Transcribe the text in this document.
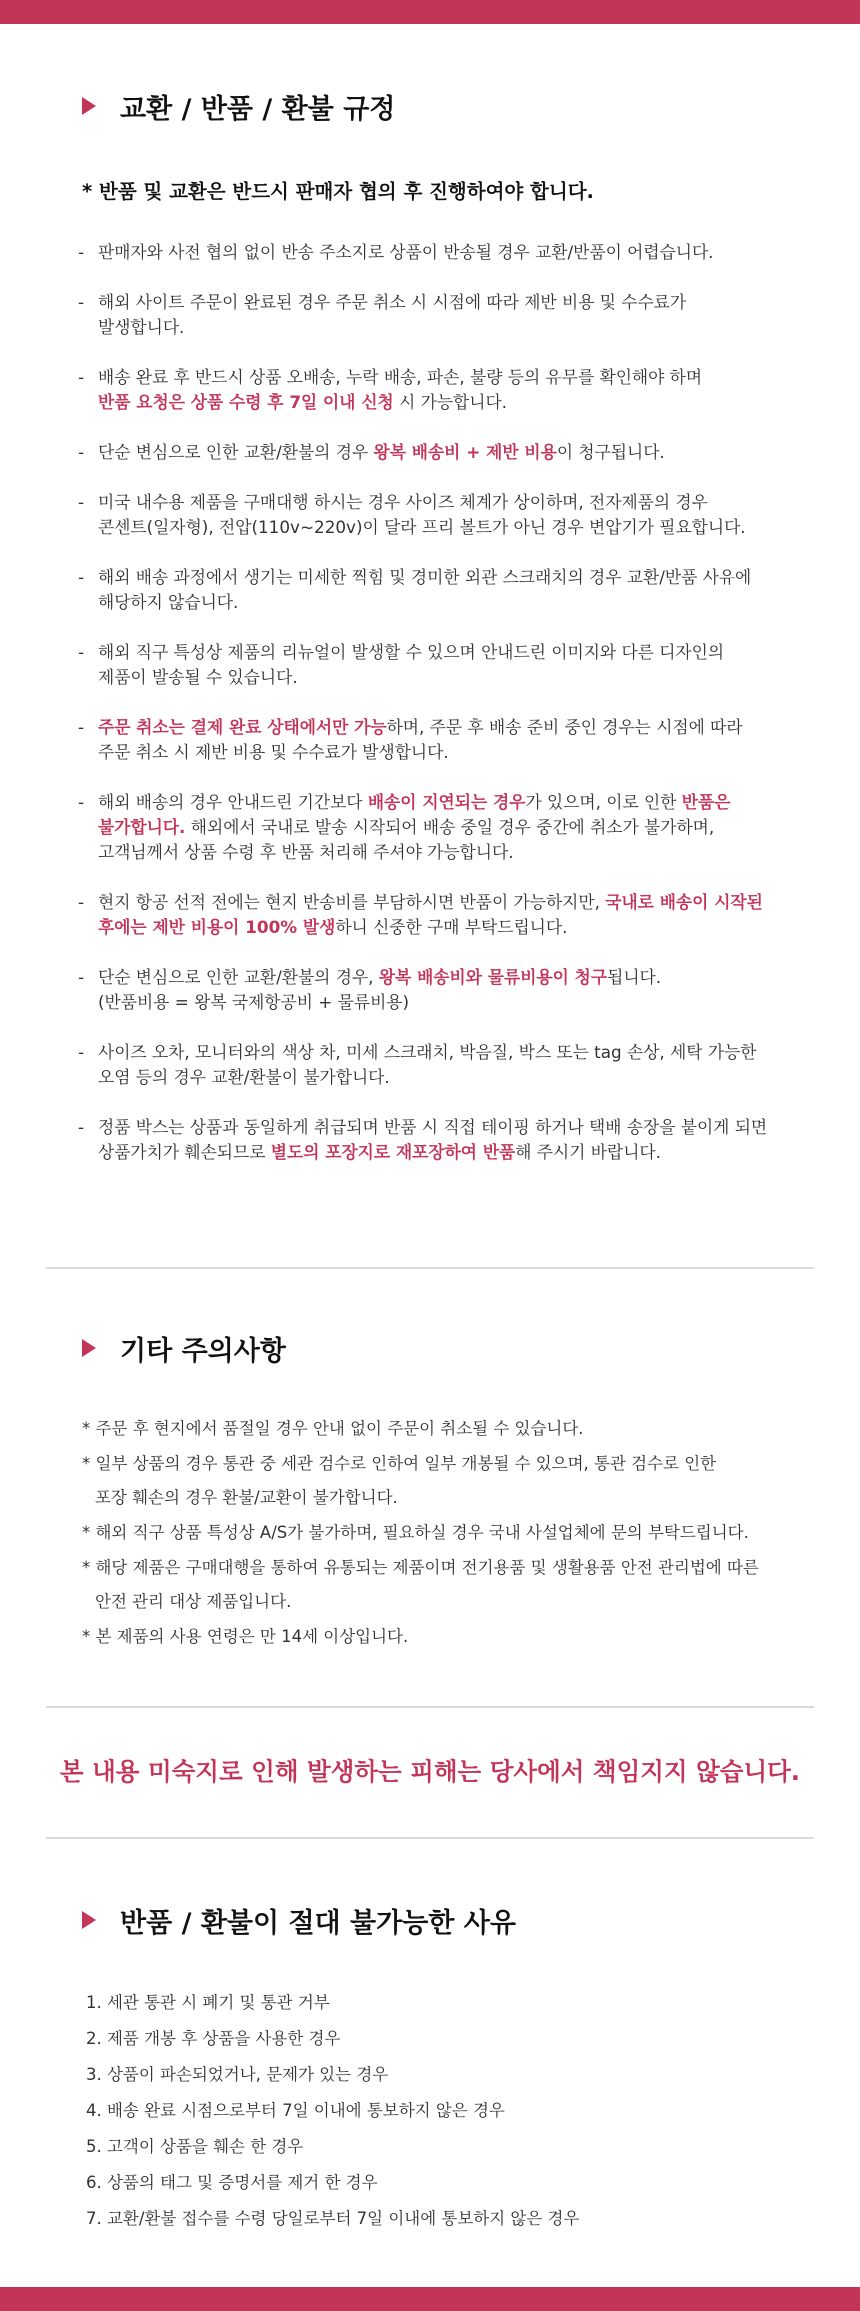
교환 / 반품 / 환불 규정
* 반품 및 교환은 반드시 판매자 협의 후 진행하여야 합니다.
- 판매자와 사전 협의 없이 반송 주소지로 상품이 반송될 경우 교환/반품이 어렵습니다.
- 해외 사이트 주문이 완료된 경우 주문 취소 시 시점에 따라 제반 비용 및 수수료가
발생합니다.
- 배송 완료 후 반드시 상품 오배송, 누락 배송, 파손, 불량 등의 유무를 확인해야 하며
반품 요청은 상품 수령 후 7일 이내 신청 시 가능합니다.
- 단순 변심으로 인한 교환/환불의 경우 왕복 배송비 + 제반 비용이 청구됩니다.
- 미국 내수용 제품을 구매대행 하시는 경우 사이즈 체계가 상이하며, 전자제품의 경우
콘센트(일자형), 전압(110v~220v)이 달라 프리 볼트가 아닌 경우 변압기가 필요합니다.
- 해외 배송 과정에서 생기는 미세한 찍힘 및 경미한 외관 스크래치의 경우 교환/반품 사유에
해당하지 않습니다.
- 해외 직구 특성상 제품의 리뉴얼이 발생할 수 있으며 안내드린 이미지와 다른 디자인의
제품이 발송될 수 있습니다.
- 주문 취소는 결제 완료 상태에서만 가능하며, 주문 후 배송 준비 중인 경우는 시점에 따라
주문 취소 시 제반 비용 및 수수료가 발생합니다.
- 해외 배송의 경우 안내드린 기간보다 배송이 지연되는 경우가 있으며, 이로 인한 반품은
불가합니다. 해외에서 국내로 발송 시작되어 배송 중일 경우 중간에 취소가 불가하며,
고객님께서 상품 수령 후 반품 처리해 주셔야 가능합니다.
- 현지 항공 선적 전에는 현지 반송비를 부담하시면 반품이 가능하지만, 국내로 배송이 시작된
후에는 제반 비용이 100% 발생하니 신중한 구매 부탁드립니다.
- 단순 변심으로 인한 교환/환불의 경우, 왕복 배송비와 물류비용이 청구됩니다.
(반품비용 = 왕복 국제항공비 + 물류비용)
- 사이즈 오차, 모니터와의 색상 차, 미세 스크래치, 박음질, 박스 또는 tag 손상, 세탁 가능한
오염 등의 경우 교환/환불이 불가합니다.
- 정품 박스는 상품과 동일하게 취급되며 반품 시 직접 테이핑 하거나 택배 송장을 붙이게 되면
상품가치가 훼손되므로 별도의 포장지로 재포장하여 반품해 주시기 바랍니다.
기타 주의사항
* 주문 후 현지에서 품절일 경우 안내 없이 주문이 취소될 수 있습니다.
* 일부 상품의 경우 통관 중 세관 검수로 인하여 일부 개봉될 수 있으며, 통관 검수로 인한
포장 훼손의 경우 환불/교환이 불가합니다.
* 해외 직구 상품 특성상 A/S가 불가하며, 필요하실 경우 국내 사설업체에 문의 부탁드립니다.
* 해당 제품은 구매대행을 통하여 유통되는 제품이며 전기용품 및 생활용품 안전 관리법에 따른
안전 관리 대상 제품입니다.
* 본 제품의 사용 연령은 만 14세 이상입니다.
본 내용 미숙지로 인해 발생하는 피해는 당사에서 책임지지 않습니다.
반품 / 환불이 절대 불가능한 사유
1. 세관 통관 시 폐기 및 통관 거부
2. 제품 개봉 후 상품을 사용한 경우
3. 상품이 파손되었거나, 문제가 있는 경우
4. 배송 완료 시점으로부터 7일 이내에 통보하지 않은 경우
5. 고객이 상품을 훼손 한 경우
6. 상품의 태그 및 증명서를 제거 한 경우
7. 교환/환불 접수를 수령 당일로부터 7일 이내에 통보하지 않은 경우
